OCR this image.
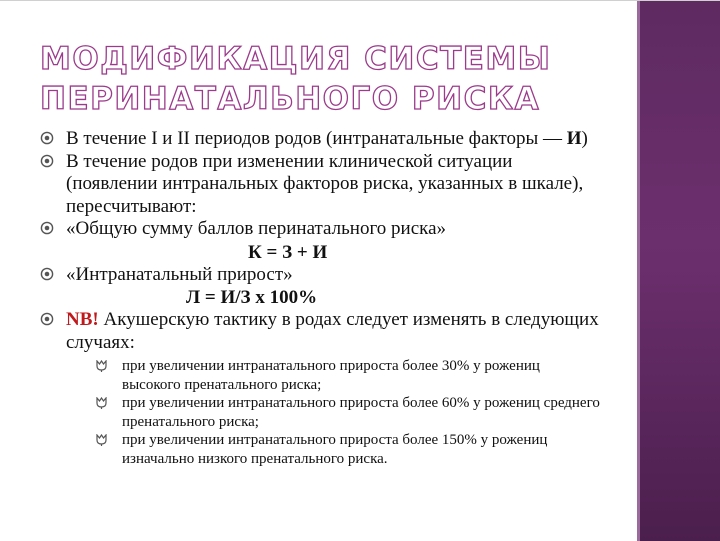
МОДИФИКАЦИЯ СИСТЕМЫ
ПЕРИНАТАЛЬНОГО РИСКА
В течение I и II периодов родов (интранатальные факторы — И)
В течение родов при изменении клинической ситуации (появлении интранальных факторов риска, указанных в шкале), пересчитывают:
«Общую сумму баллов перинатального риска»
К = З + И
«Интранатальный прирост»
Л = И/З х 100%
NB! Акушерскую тактику в родах следует изменять в следующих случаях:
при увеличении интранатального прироста более 30% у рожениц высокого пренатального риска;
при увеличении интранатального прироста более 60% у рожениц среднего пренатального риска;
при увеличении интранатального прироста более 150% у рожениц изначально низкого пренатального риска.
